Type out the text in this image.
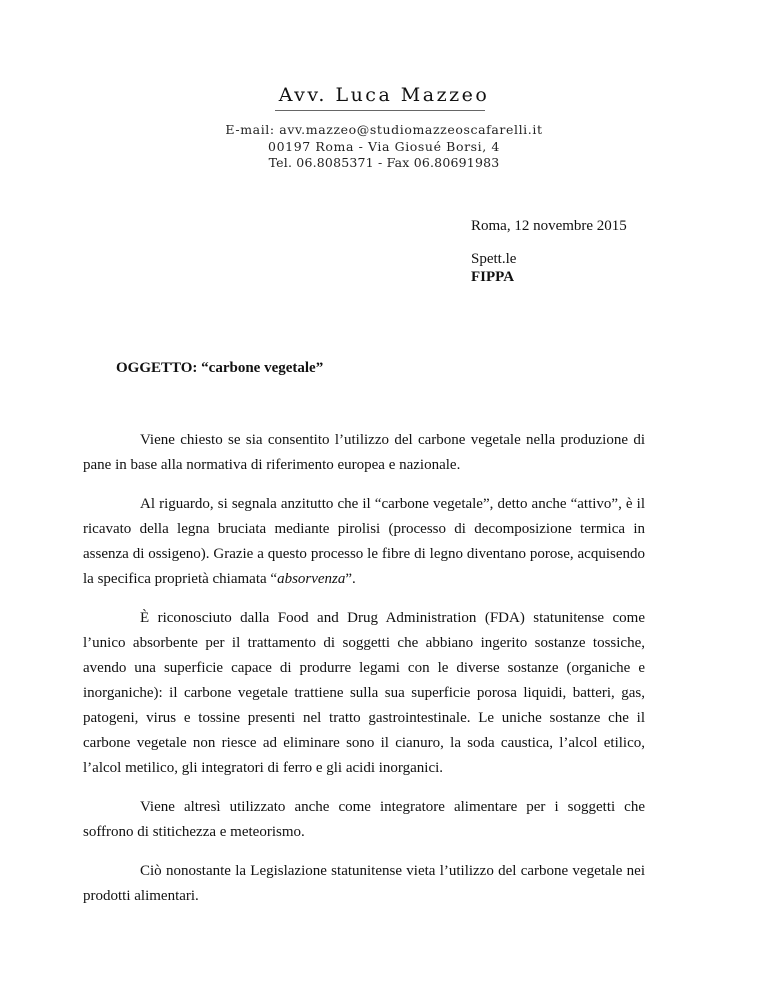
Avv. Luca Mazzeo
E-mail: avv.mazzeo@studiomazzeoscafarelli.it
00197 Roma - Via Giosué Borsi, 4
Tel. 06.8085371 - Fax 06.80691983
Roma, 12 novembre 2015
Spett.le
FIPPA
OGGETTO: “carbone vegetale”

Viene chiesto se sia consentito l’utilizzo del carbone vegetale nella produzione di pane in base alla normativa di riferimento europea e nazionale.

Al riguardo, si segnala anzitutto che il “carbone vegetale”, detto anche “attivo”, è il ricavato della legna bruciata mediante pirolisi (processo di decomposizione termica in assenza di ossigeno). Grazie a questo processo le fibre di legno diventano porose, acquisendo la specifica proprietà chiamata “absorvenza”.

È riconosciuto dalla Food and Drug Administration (FDA) statunitense come l’unico absorbente per il trattamento di soggetti che abbiano ingerito sostanze tossiche, avendo una superficie capace di produrre legami con le diverse sostanze (organiche e inorganiche): il carbone vegetale trattiene sulla sua superficie porosa liquidi, batteri, gas, patogeni, virus e tossine presenti nel tratto gastrointestinale. Le uniche sostanze che il carbone vegetale non riesce ad eliminare sono il cianuro, la soda caustica, l’alcol etilico, l’alcol metilico, gli integratori di ferro e gli acidi inorganici.

Viene altresì utilizzato anche come integratore alimentare per i soggetti che soffrono di stitichezza e meteorismo.

Ciò nonostante la Legislazione statunitense vieta l’utilizzo del carbone vegetale nei prodotti alimentari.
